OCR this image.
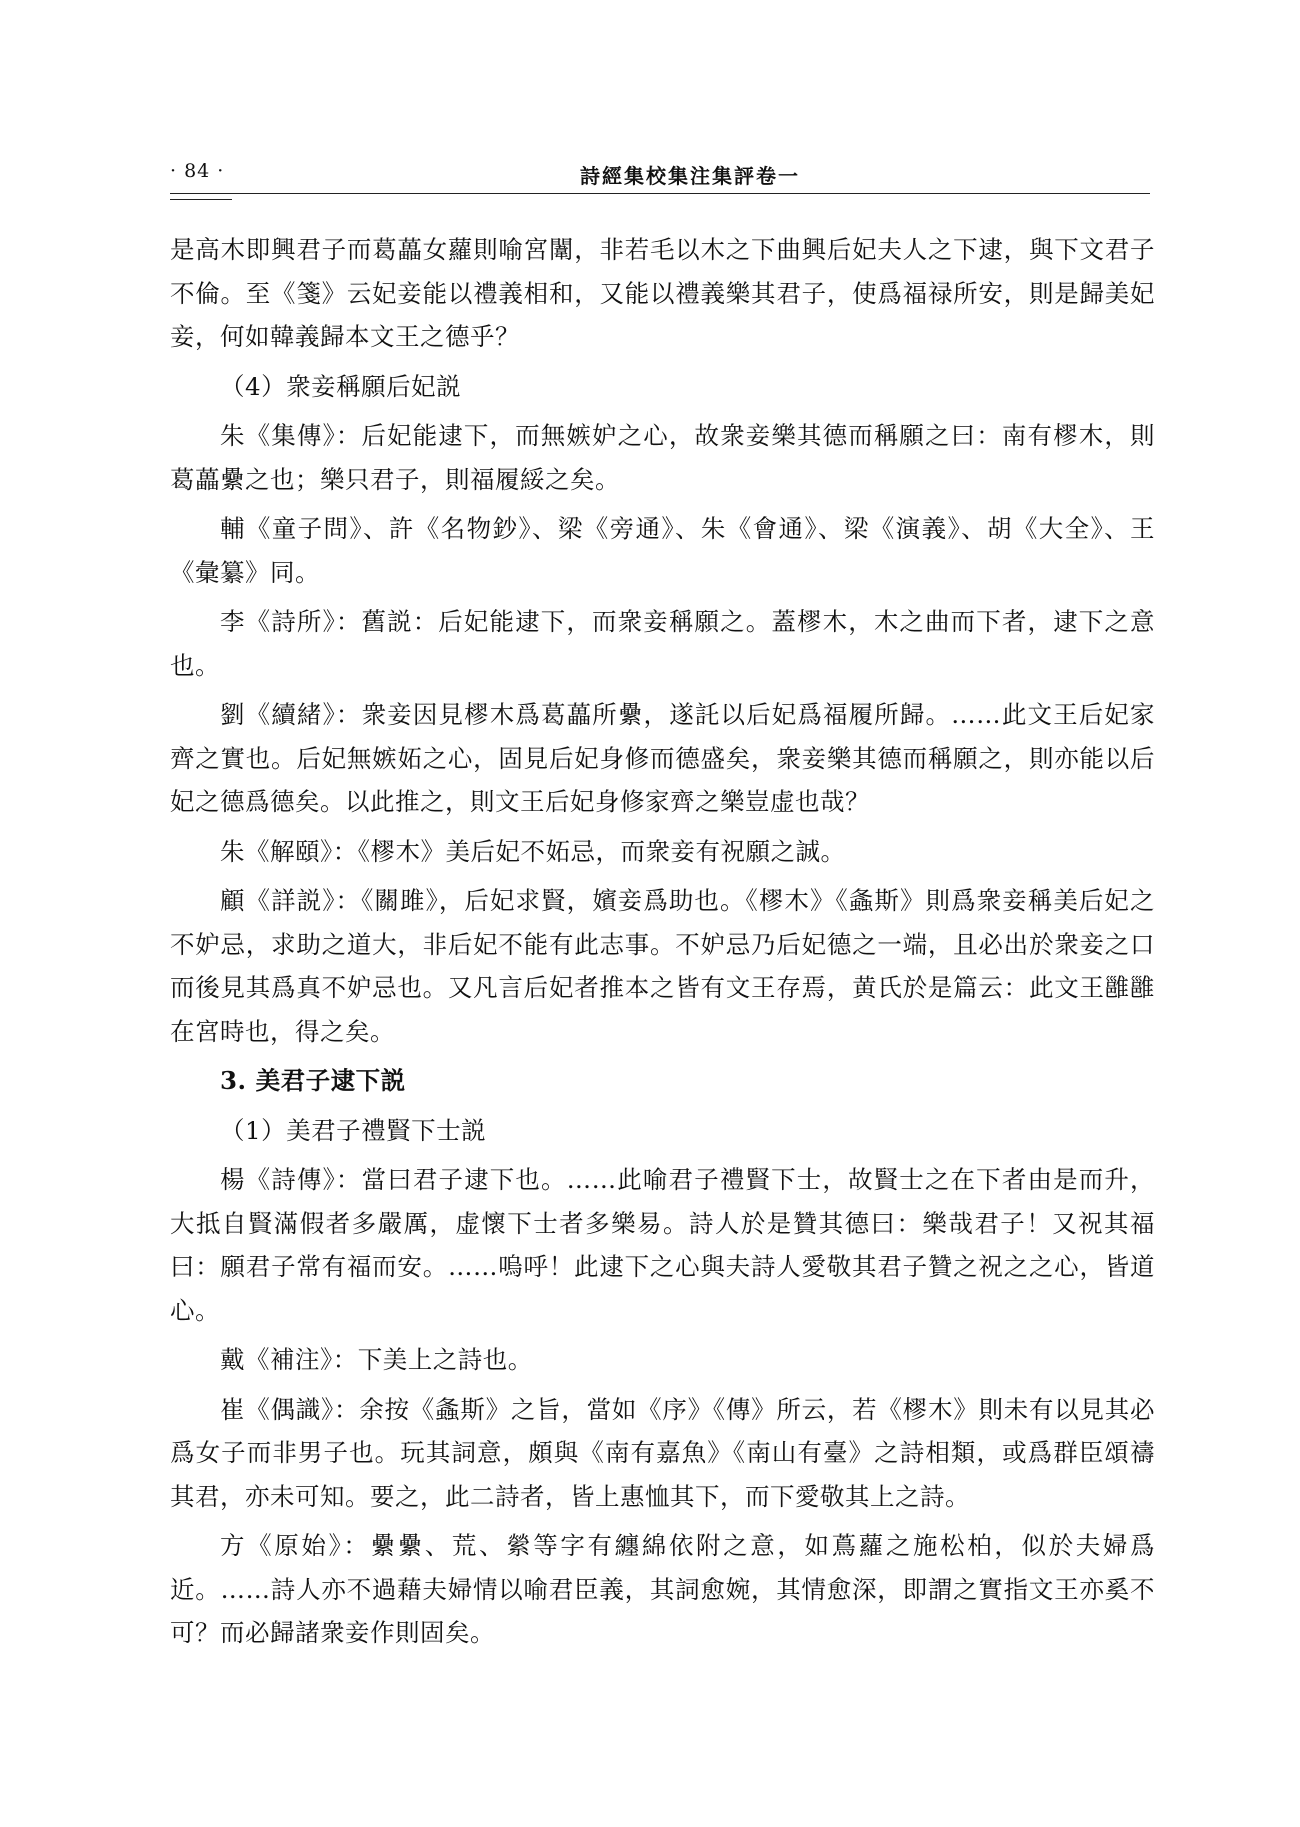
· 84 ·	詩經集校集注集評卷一

是高木即興君子而葛藟女蘿則喻宮闈，非若毛以木之下曲興后妃夫人之下逮，與下文君子不倫。至《箋》云妃妾能以禮義相和，又能以禮義樂其君子，使爲福禄所安，則是歸美妃妾，何如韓義歸本文王之德乎？

（4）衆妾稱願后妃説

朱《集傳》：后妃能逮下，而無嫉妒之心，故衆妾樂其德而稱願之曰：南有樛木，則葛藟纍之也；樂只君子，則福履綏之矣。

輔《童子問》、許《名物鈔》、梁《旁通》、朱《會通》、梁《演義》、胡《大全》、王《彙纂》同。

李《詩所》：舊説：后妃能逮下，而衆妾稱願之。蓋樛木，木之曲而下者，逮下之意也。

劉《續緒》：衆妾因見樛木爲葛藟所纍，遂託以后妃爲福履所歸。……此文王后妃家齊之實也。后妃無嫉妬之心，固見后妃身修而德盛矣，衆妾樂其德而稱願之，則亦能以后妃之德爲德矣。以此推之，則文王后妃身修家齊之樂豈虚也哉？

朱《解頤》：《樛木》美后妃不妬忌，而衆妾有祝願之誠。

顧《詳説》：《關雎》，后妃求賢，嬪妾爲助也。《樛木》《螽斯》則爲衆妾稱美后妃之不妒忌，求助之道大，非后妃不能有此志事。不妒忌乃后妃德之一端，且必出於衆妾之口而後見其爲真不妒忌也。又凡言后妃者推本之皆有文王存焉，黄氏於是篇云：此文王雝雝在宮時也，得之矣。

3. 美君子逮下説

（1）美君子禮賢下士説

楊《詩傳》：當曰君子逮下也。……此喻君子禮賢下士，故賢士之在下者由是而升，大抵自賢滿假者多嚴厲，虚懷下士者多樂易。詩人於是贊其德曰：樂哉君子！又祝其福曰：願君子常有福而安。……嗚呼！此逮下之心與夫詩人愛敬其君子贊之祝之之心，皆道心。

戴《補注》：下美上之詩也。

崔《偶識》：余按《螽斯》之旨，當如《序》《傳》所云，若《樛木》則未有以見其必爲女子而非男子也。玩其詞意，頗與《南有嘉魚》《南山有臺》之詩相類，或爲群臣頌禱其君，亦未可知。要之，此二詩者，皆上惠恤其下，而下愛敬其上之詩。

方《原始》：纍纍、荒、縈等字有纏綿依附之意，如蔦蘿之施松柏，似於夫婦爲近。……詩人亦不過藉夫婦情以喻君臣義，其詞愈婉，其情愈深，即謂之實指文王亦奚不可？而必歸諸衆妾作則固矣。
